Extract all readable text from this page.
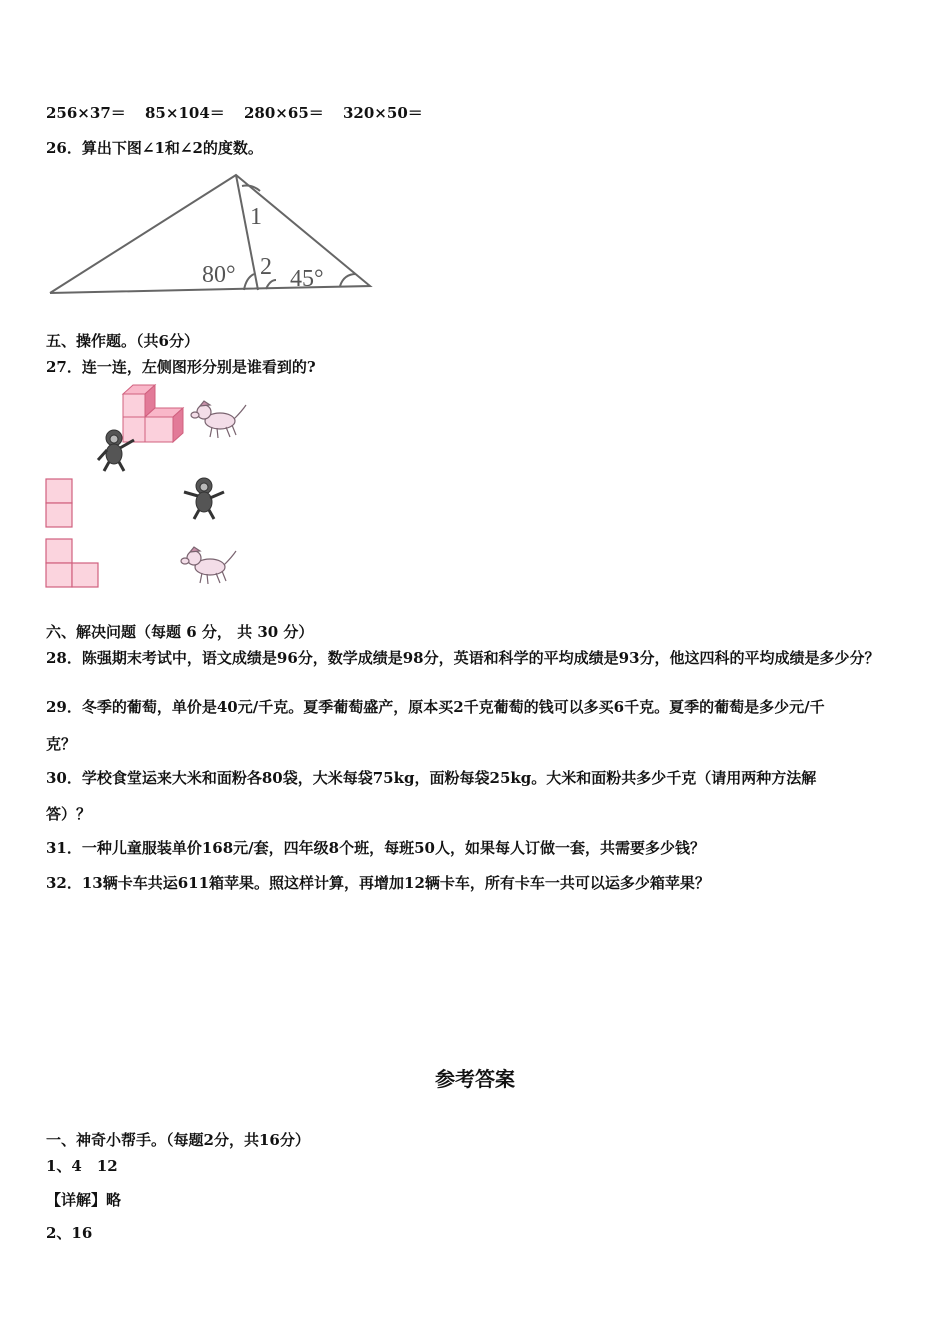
256×37＝ 85×104＝ 280×65＝ 320×50＝
26．算出下图∠1和∠2的度数。
1
2
80° 45°
五、操作题。（共6分）
27．连一连，左侧图形分别是谁看到的?
六、解决问题（每题 6 分， 共 30 分）
28．陈强期末考试中，语文成绩是96分，数学成绩是98分，英语和科学的平均成绩是93分，他这四科的平均成绩是多少分？
29．冬季的葡萄，单价是40元/千克。夏季葡萄盛产，原本买2千克葡萄的钱可以多买6千克。夏季的葡萄是多少元/千
克？
30．学校食堂运来大米和面粉各80袋，大米每袋75kg，面粉每袋25kg。大米和面粉共多少千克（请用两种方法解
答）？
31．一种儿童服装单价168元/套，四年级8个班，每班50人，如果每人订做一套，共需要多少钱？
32．13辆卡车共运611箱苹果。照这样计算，再增加12辆卡车，所有卡车一共可以运多少箱苹果？
参考答案
一、神奇小帮手。（每题2分，共16分）
1、4　12
【详解】略
2、16
